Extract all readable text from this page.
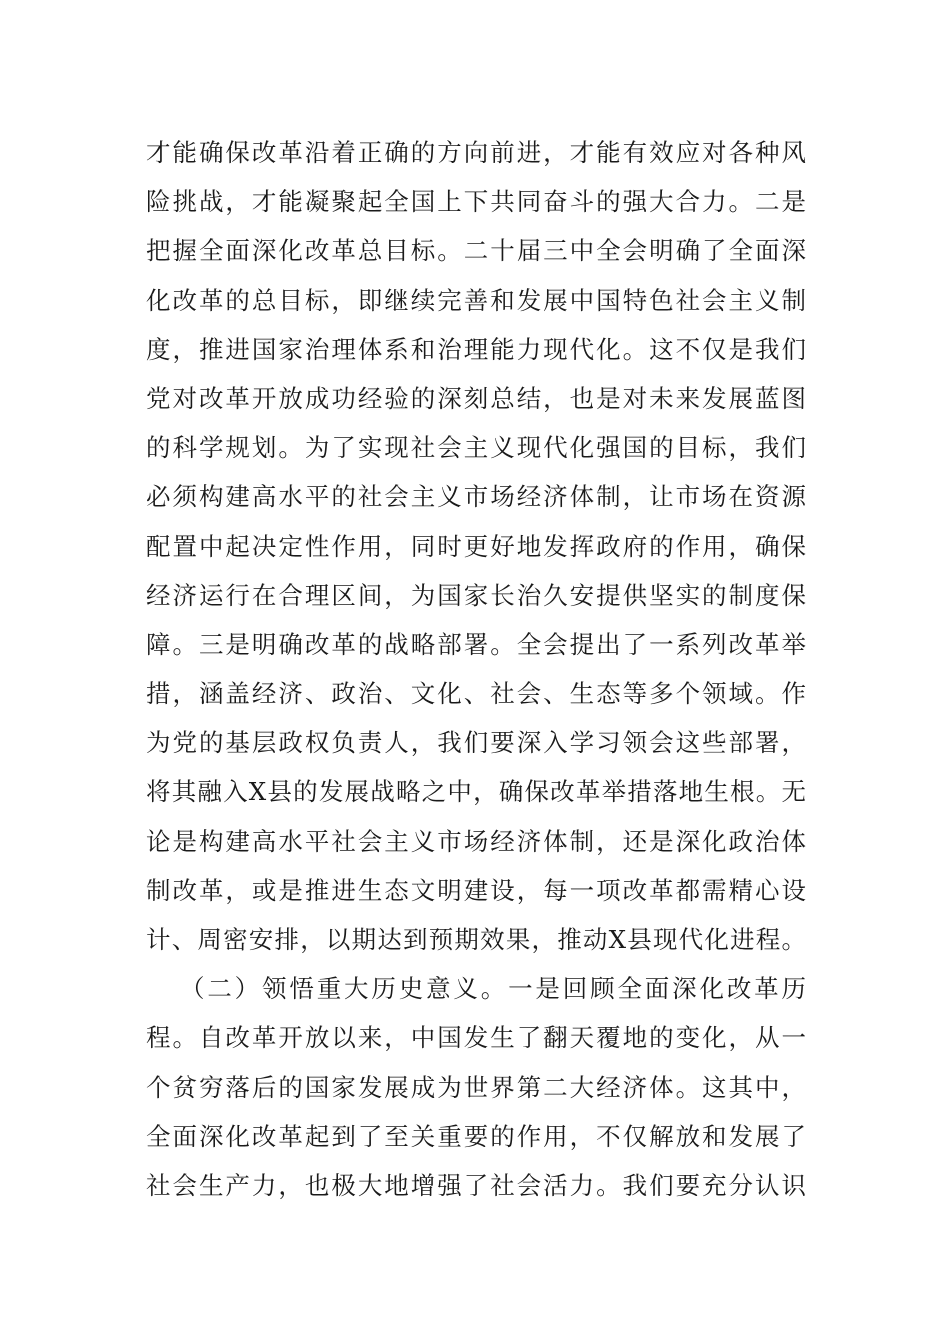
才能确保改革沿着正确的方向前进，才能有效应对各种风
险挑战，才能凝聚起全国上下共同奋斗的强大合力。二是
把握全面深化改革总目标。二十届三中全会明确了全面深
化改革的总目标，即继续完善和发展中国特色社会主义制
度，推进国家治理体系和治理能力现代化。这不仅是我们
党对改革开放成功经验的深刻总结，也是对未来发展蓝图
的科学规划。为了实现社会主义现代化强国的目标，我们
必须构建高水平的社会主义市场经济体制，让市场在资源
配置中起决定性作用，同时更好地发挥政府的作用，确保
经济运行在合理区间，为国家长治久安提供坚实的制度保
障。三是明确改革的战略部署。全会提出了一系列改革举
措，涵盖经济、政治、文化、社会、生态等多个领域。作
为党的基层政权负责人，我们要深入学习领会这些部署，
将其融入X县的发展战略之中，确保改革举措落地生根。无
论是构建高水平社会主义市场经济体制，还是深化政治体
制改革，或是推进生态文明建设，每一项改革都需精心设
计、周密安排，以期达到预期效果，推动X县现代化进程。
（二）领悟重大历史意义。一是回顾全面深化改革历
程。自改革开放以来，中国发生了翻天覆地的变化，从一
个贫穷落后的国家发展成为世界第二大经济体。这其中，
全面深化改革起到了至关重要的作用，不仅解放和发展了
社会生产力，也极大地增强了社会活力。我们要充分认识
